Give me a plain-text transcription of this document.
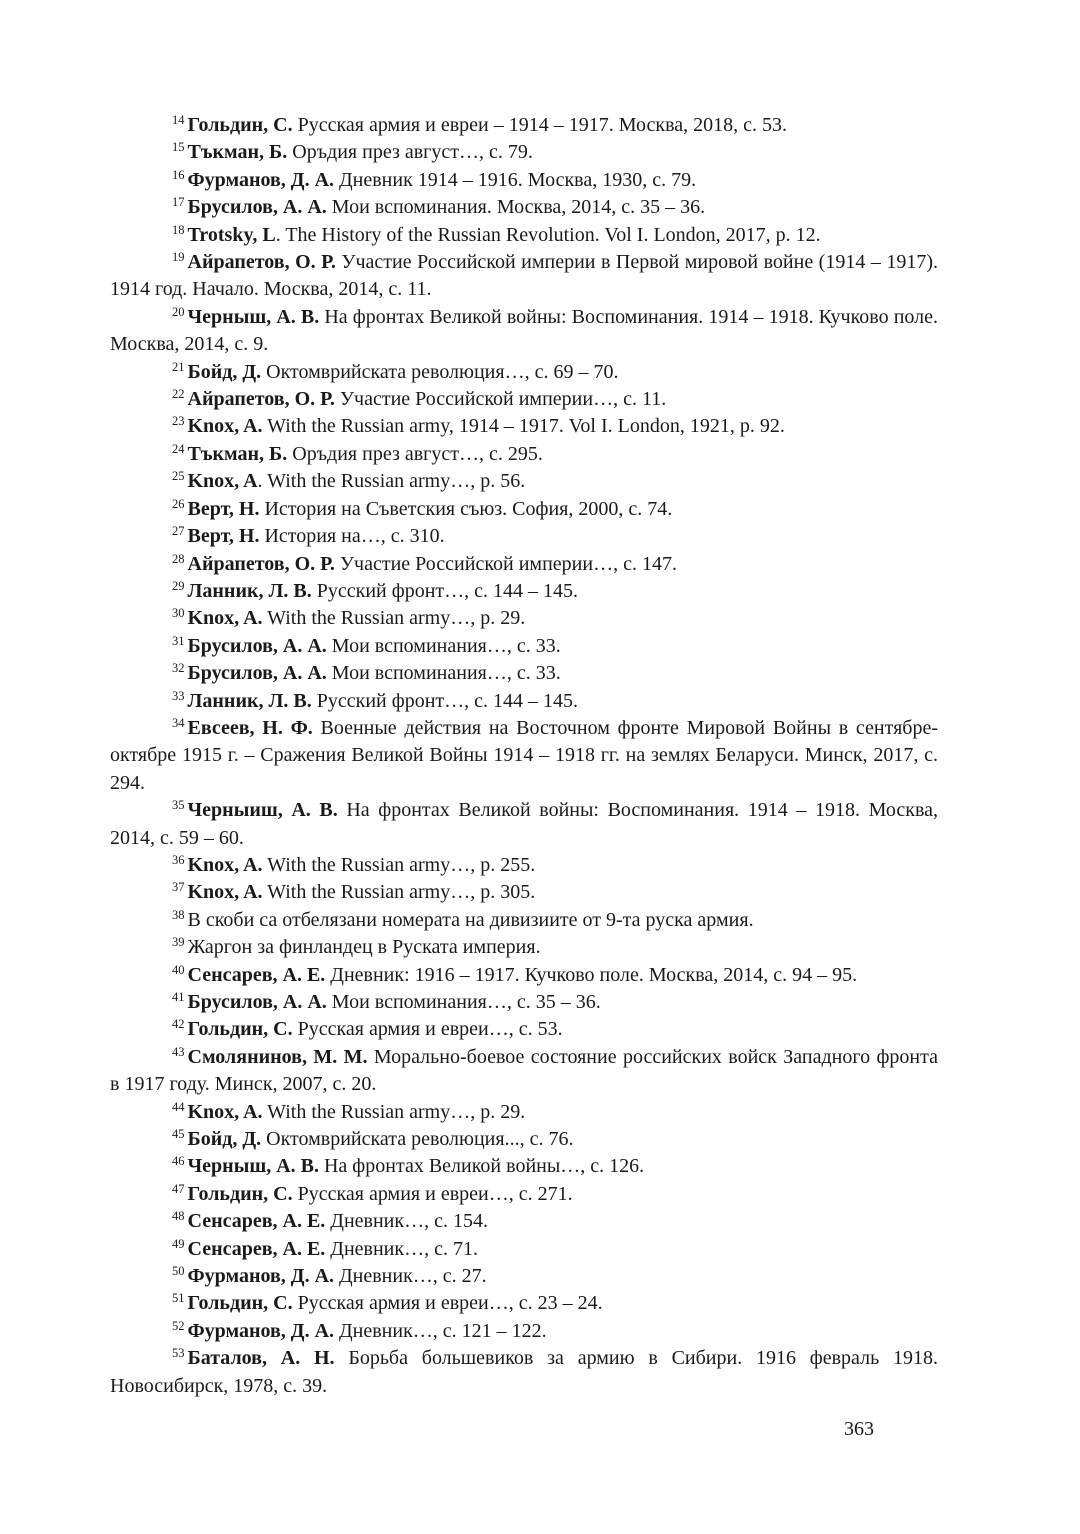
$^{14}$ Гольдин, С. Русская армия и евреи – 1914 – 1917. Москва, 2018, с. 53.

$^{15}$ Тъкман, Б. Оръдия през август…, с. 79.

$^{16}$ Фурманов, Д. А. Дневник 1914 – 1916. Москва, 1930, с. 79.

$^{17}$ Брусилов, А. А. Мои вспоминания. Москва, 2014, с. 35 – 36.

$^{18}$ Trotsky, L. The History of the Russian Revolution. Vol I. London, 2017, p. 12.

$^{19}$ Айрапетов, О. Р. Участие Российской империи в Первой мировой войне (1914 – 1917). 1914 год. Начало. Москва, 2014, с. 11.

$^{20}$ Черныш, А. В. На фронтах Великой войны: Воспоминания. 1914 – 1918. Кучково поле. Москва, 2014, с. 9.

$^{21}$ Бойд, Д. Октомврийската революция…, с. 69 – 70.

$^{22}$ Айрапетов, О. Р. Участие Российской империи…, с. 11.

$^{23}$ Knox, A. With the Russian army, 1914 – 1917. Vol I. London, 1921, p. 92.

$^{24}$ Тъкман, Б. Оръдия през август…, с. 295.

$^{25}$ Knox, A. With the Russian army…, p. 56.

$^{26}$ Верт, Н. История на Съветския съюз. София, 2000, с. 74.

$^{27}$ Верт, Н. История на…, с. 310.

$^{28}$ Айрапетов, О. Р. Участие Российской империи…, с. 147.

$^{29}$ Ланник, Л. В. Русский фронт…, с. 144 – 145.

$^{30}$ Knox, A. With the Russian army…, p. 29.

$^{31}$ Брусилов, А. А. Мои вспоминания…, с. 33.

$^{32}$ Брусилов, А. А. Мои вспоминания…, с. 33.

$^{33}$ Ланник, Л. В. Русский фронт…, с. 144 – 145.

$^{34}$ Евсеев, Н. Ф. Военные действия на Восточном фронте Мировой Войны в сентябре-октябре 1915 г. – Сражения Великой Войны 1914 – 1918 гг. на землях Беларуси. Минск, 2017, с. 294.

$^{35}$ Черныиш, А. В. На фронтах Великой войны: Воспоминания. 1914 – 1918. Москва, 2014, с. 59 – 60.

$^{36}$ Knox, A. With the Russian army…, p. 255.

$^{37}$ Knox, A. With the Russian army…, p. 305.

$^{38}$ В скоби са отбелязани номерата на дивизиите от 9-та руска армия.

$^{39}$ Жаргон за финландец в Руската империя.

$^{40}$ Сенсарев, А. Е. Дневник: 1916 – 1917. Кучково поле. Москва, 2014, с. 94 – 95.

$^{41}$ Брусилов, А. А. Мои вспоминания…, с. 35 – 36.

$^{42}$ Гольдин, С. Русская армия и евреи…, с. 53.

$^{43}$ Смолянинов, М. М. Морально-боевое состояние российских войск Западного фронта в 1917 году. Минск, 2007, с. 20.

$^{44}$ Knox, A. With the Russian army…, p. 29.

$^{45}$ Бойд, Д. Октомврийската революция..., с. 76.

$^{46}$ Черныш, А. В. На фронтах Великой войны…, с. 126.

$^{47}$ Гольдин, С. Русская армия и евреи…, с. 271.

$^{48}$ Сенсарев, А. Е. Дневник…, с. 154.

$^{49}$ Сенсарев, А. Е. Дневник…, с. 71.

$^{50}$ Фурманов, Д. А. Дневник…, с. 27.

$^{51}$ Гольдин, С. Русская армия и евреи…, с. 23 – 24.

$^{52}$ Фурманов, Д. А. Дневник…, с. 121 – 122.

$^{53}$ Баталов, А. Н. Борьба большевиков за армию в Сибири. 1916 февраль 1918. Новосибирск, 1978, с. 39.

363
